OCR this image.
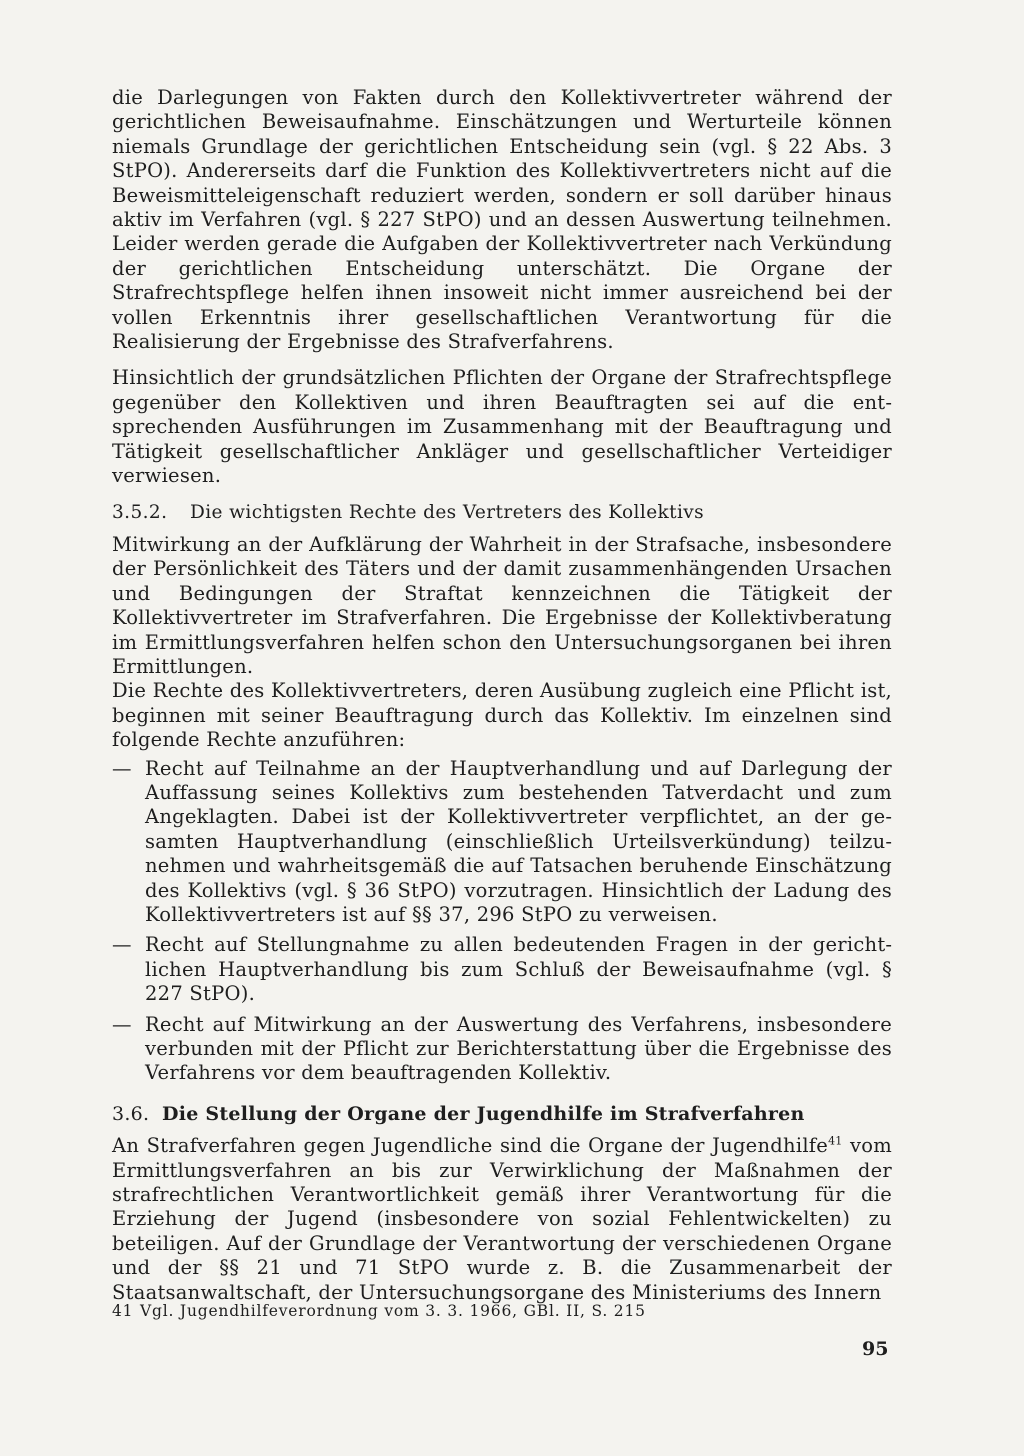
die Darlegungen von Fakten durch den Kollektivvertreter während der gerichtlichen Beweisaufnahme. Einschätzungen und Werturteile können niemals Grundlage der gerichtlichen Entscheidung sein (vgl. § 22 Abs. 3 StPO). Andererseits darf die Funktion des Kollektivvertreters nicht auf die Beweismitteleigenschaft reduziert werden, sondern er soll darüber hinaus aktiv im Verfahren (vgl. § 227 StPO) und an dessen Auswertung teilnehmen. Leider werden gerade die Aufgaben der Kollektivvertreter nach Verkündung der gerichtlichen Entscheidung unterschätzt. Die Organe der Strafrechtspflege helfen ihnen insoweit nicht immer ausreichend bei der vollen Erkenntnis ihrer gesellschaftlichen Verantwortung für die Realisierung der Ergebnisse des Strafverfahrens.

Hinsichtlich der grundsätzlichen Pflichten der Organe der Strafrechtspflege gegenüber den Kollektiven und ihren Beauftragten sei auf die entsprechenden Ausführungen im Zusammenhang mit der Beauftragung und Tätigkeit gesellschaftlicher Ankläger und gesellschaftlicher Verteidiger verwiesen.

3.5.2. Die wichtigsten Rechte des Vertreters des Kollektivs

Mitwirkung an der Aufklärung der Wahrheit in der Strafsache, insbesondere der Persönlichkeit des Täters und der damit zusammenhängenden Ursachen und Bedingungen der Straftat kennzeichnen die Tätigkeit der Kollektivvertreter im Strafverfahren. Die Ergebnisse der Kollektivberatung im Ermittlungsverfahren helfen schon den Untersuchungsorganen bei ihren Ermittlungen.

Die Rechte des Kollektivvertreters, deren Ausübung zugleich eine Pflicht ist, beginnen mit seiner Beauftragung durch das Kollektiv. Im einzelnen sind folgende Rechte anzuführen:

— Recht auf Teilnahme an der Hauptverhandlung und auf Darlegung der Auffassung seines Kollektivs zum bestehenden Tatverdacht und zum Angeklagten. Dabei ist der Kollektivvertreter verpflichtet, an der gesamten Hauptverhandlung (einschließlich Urteilsverkündung) teilzunehmen und wahrheitsgemäß die auf Tatsachen beruhende Einschätzung des Kollektivs (vgl. § 36 StPO) vorzutragen. Hinsichtlich der Ladung des Kollektivvertreters ist auf §§ 37, 296 StPO zu verweisen.
— Recht auf Stellungnahme zu allen bedeutenden Fragen in der gerichtlichen Hauptverhandlung bis zum Schluß der Beweisaufnahme (vgl. § 227 StPO).
— Recht auf Mitwirkung an der Auswertung des Verfahrens, insbesondere verbunden mit der Pflicht zur Berichterstattung über die Ergebnisse des Verfahrens vor dem beauftragenden Kollektiv.
3.6. Die Stellung der Organe der Jugendhilfe im Strafverfahren

An Strafverfahren gegen Jugendliche sind die Organe der Jugendhilfe$^{41}$ vom Ermittlungsverfahren an bis zur Verwirklichung der Maßnahmen der strafrechtlichen Verantwortlichkeit gemäß ihrer Verantwortung für die Erziehung der Jugend (insbesondere von sozial Fehlentwickelten) zu beteiligen. Auf der Grundlage der Verantwortung der verschiedenen Organe und der §§ 21 und 71 StPO wurde z. B. die Zusammenarbeit der Staatsanwaltschaft, der Untersuchungsorgane des Ministeriums des Innern

41 Vgl. Jugendhilfeverordnung vom 3. 3. 1966, GBl. II, S. 215
95
